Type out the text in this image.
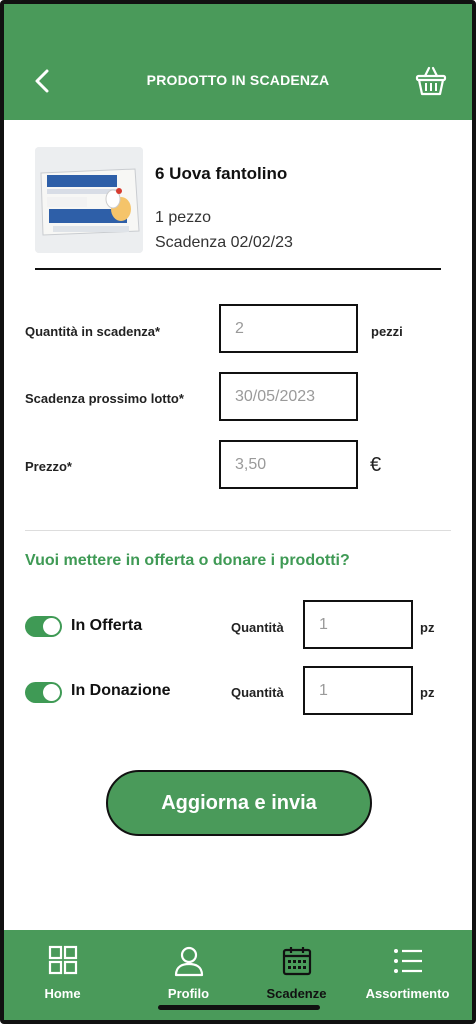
PRODOTTO IN SCADENZA
6 Uova fantolino
1 pezzo
Scadenza 02/02/23
Quantità in scadenza*	2	pezzi
Scadenza prossimo lotto*	30/05/2023
Prezzo*	3,50	€
Vuoi mettere in offerta o donare i prodotti?
In Offerta	Quantità	1	pz
In Donazione	Quantità	1	pz
Aggiorna e invia
Home	Profilo	Scadenze	Assortimento
